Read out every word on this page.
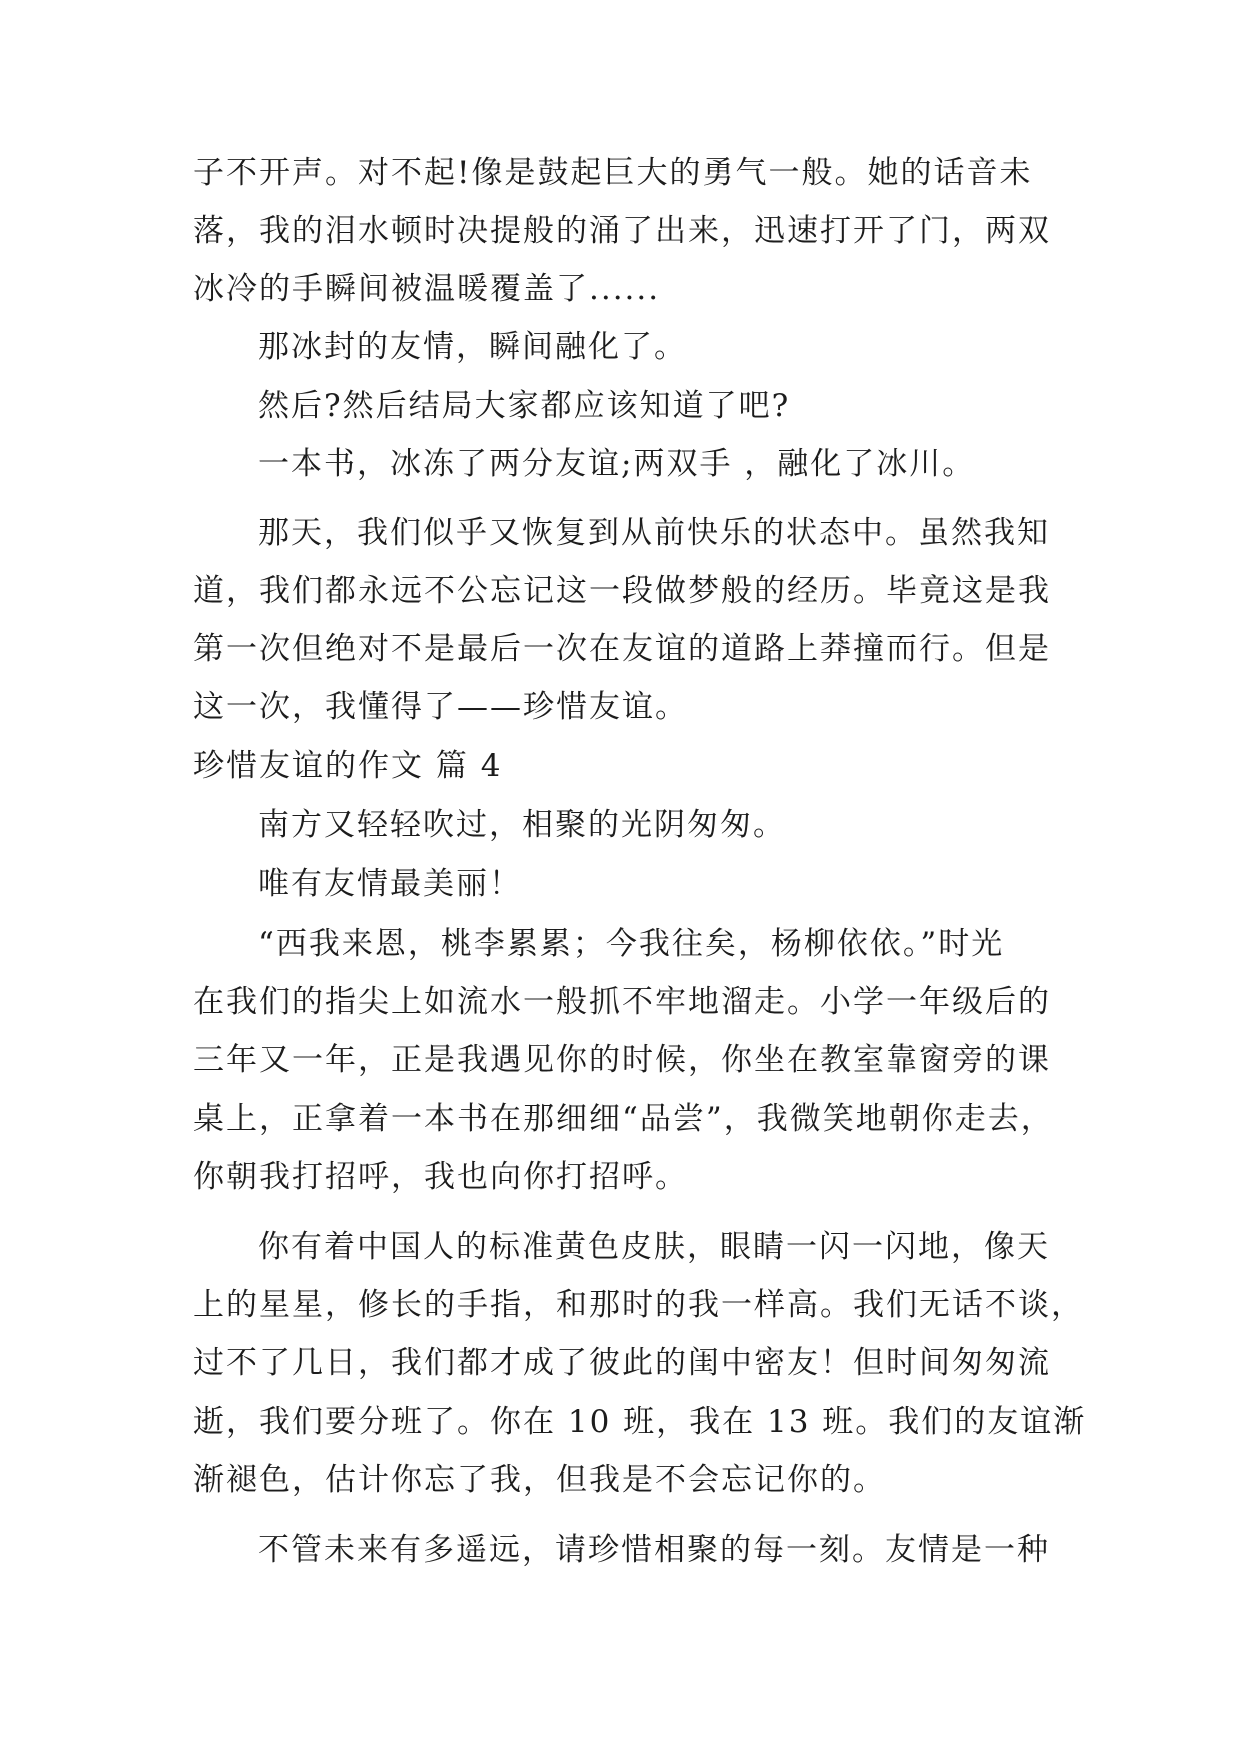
子不开声。对不起!像是鼓起巨大的勇气一般。她的话音未
落，我的泪水顿时决提般的涌了出来，迅速打开了门，两双
冰冷的手瞬间被温暖覆盖了......
那冰封的友情，瞬间融化了。
然后?然后结局大家都应该知道了吧?
一本书，冰冻了两分友谊;两双手 ，融化了冰川。
那天，我们似乎又恢复到从前快乐的状态中。虽然我知
道，我们都永远不公忘记这一段做梦般的经历。毕竟这是我
第一次但绝对不是最后一次在友谊的道路上莽撞而行。但是
这一次，我懂得了——珍惜友谊。
珍惜友谊的作文 篇 4
南方又轻轻吹过，相聚的光阴匆匆。
唯有友情最美丽！
“西我来恩，桃李累累；今我往矣，杨柳依依。”时光
在我们的指尖上如流水一般抓不牢地溜走。小学一年级后的
三年又一年，正是我遇见你的时候，你坐在教室靠窗旁的课
桌上，正拿着一本书在那细细“品尝”，我微笑地朝你走去，
你朝我打招呼，我也向你打招呼。
你有着中国人的标准黄色皮肤，眼睛一闪一闪地，像天
上的星星，修长的手指，和那时的我一样高。我们无话不谈，
过不了几日，我们都才成了彼此的闺中密友！但时间匆匆流
逝，我们要分班了。你在 10 班，我在 13 班。我们的友谊渐
渐褪色，估计你忘了我，但我是不会忘记你的。
不管未来有多遥远，请珍惜相聚的每一刻。友情是一种
